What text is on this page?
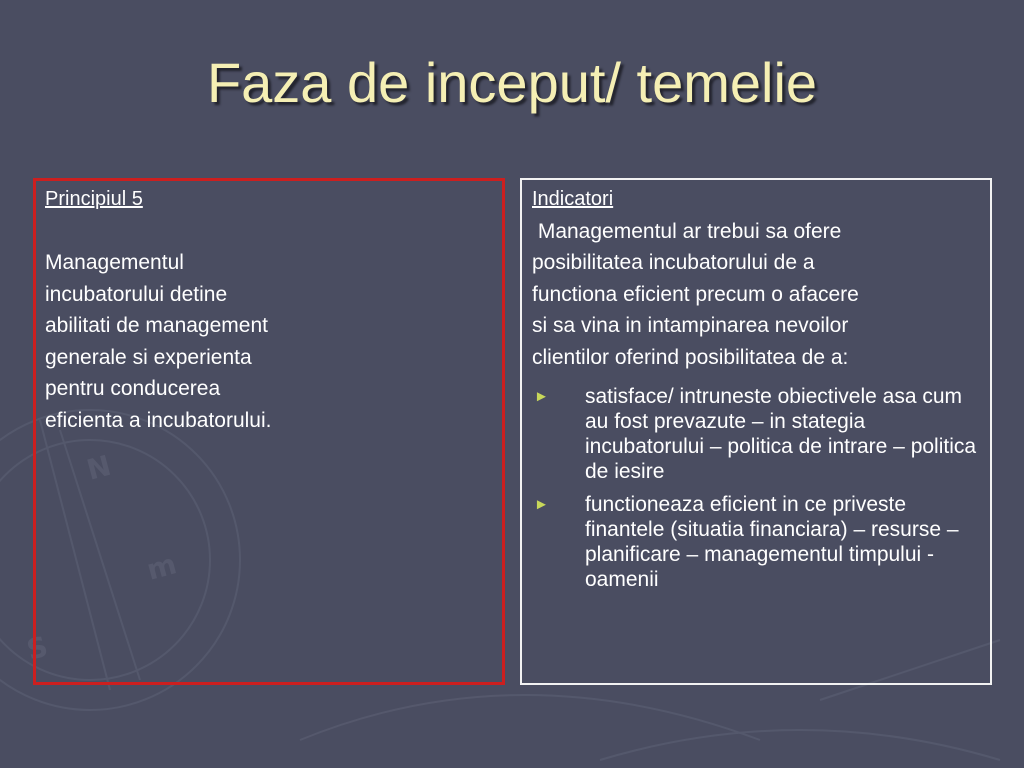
N
m
S
Faza de inceput/ temelie
Principiul 5
Managementul
incubatorului detine
abilitati de management
generale si experienta
pentru conducerea
eficienta a incubatorului.
Indicatori
Managementul ar trebui sa ofere
posibilitatea incubatorului de a
functiona eficient precum o afacere
si sa vina in intampinarea nevoilor
clientilor oferind posibilitatea de a:
► satisface/ intruneste obiectivele asa cum au fost prevazute – in stategia incubatorului – politica de intrare – politica de iesire
► functioneaza eficient in ce priveste finantele (situatia financiara) – resurse – planificare – managementul timpului - oamenii
